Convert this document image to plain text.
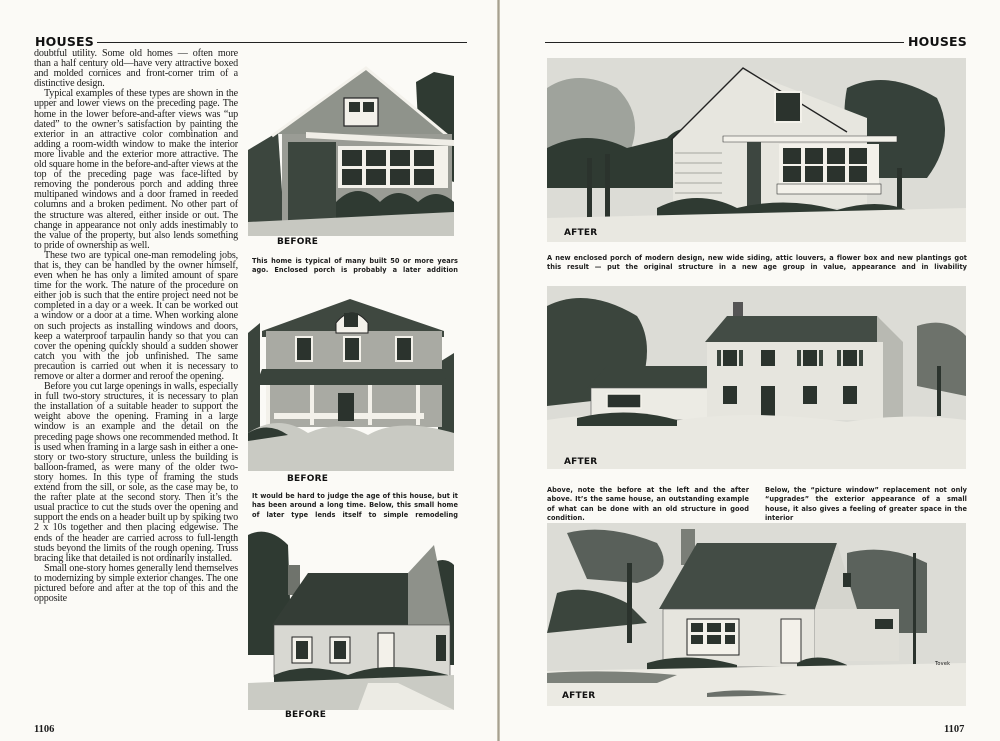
HOUSES	HOUSES

doubtful utility. Some old homes — often more than a half century old—have very attractive boxed and molded cornices and front-corner trim of a distinctive design.

Typical examples of these types are shown in the upper and lower views on the preceding page. The home in the lower before-and-after views was “up dated” to the owner’s satisfaction by painting the exterior in an attractive color combination and adding a room-width window to make the interior more livable and the exterior more attractive. The old square home in the before-and-after views at the top of the preceding page was face-lifted by removing the ponderous porch and adding three multipaned windows and a door framed in reeded columns and a broken pediment. No other part of the structure was altered, either inside or out. The change in appearance not only adds inestimably to the value of the property, but also lends something to pride of ownership as well.

These two are typical one-man remodeling jobs, that is, they can be handled by the owner himself, even when he has only a limited amount of spare time for the work. The nature of the procedure on either job is such that the entire project need not be completed in a day or a week. It can be worked out a window or a door at a time. When working alone on such projects as installing windows and doors, keep a waterproof tarpaulin handy so that you can cover the opening quickly should a sudden shower catch you with the job unfinished. The same precaution is carried out when it is necessary to remove or alter a dormer and reroof the opening.

Before you cut large openings in walls, especially in full two-story structures, it is necessary to plan the installation of a suitable header to support the weight above the opening. Framing in a large window is an example and the detail on the preceding page shows one recommended method. It is used when framing in a large sash in either a one-story or two-story structure, unless the building is balloon-framed, as were many of the older two-story homes. In this type of framing the studs extend from the sill, or sole, as the case may be, to the rafter plate at the second story. Then it’s the usual practice to cut the studs over the opening and support the ends on a header built up by spiking two 2 x 10s together and then placing edgewise. The ends of the header are carried across to full-length studs beyond the limits of the rough opening. Truss bracing like that detailed is not ordinarily installed.

Small one-story homes generally lend themselves to modernizing by simple exterior changes. The one pictured before and after at the top of this and the opposite

BEFORE
This home is typical of many built 50 or more years ago. Enclosed porch is probably a later addition
BEFORE
It would be hard to judge the age of this house, but it has been around a long time. Below, this small home of later type lends itself to simple remodeling
BEFORE
AFTER
A new enclosed porch of modern design, new wide siding, attic louvers, a flower box and new plantings got this result — put the original structure in a new age group in value, appearance and in livability
AFTER
Above, note the before at the left and the after above. It’s the same house, an outstanding example of what can be done with an old structure in good condition.
Below, the “picture window” replacement not only “upgrades” the exterior appearance of a small house, it also gives a feeling of greater space in the interior
AFTER
Tovek
1106	1107
